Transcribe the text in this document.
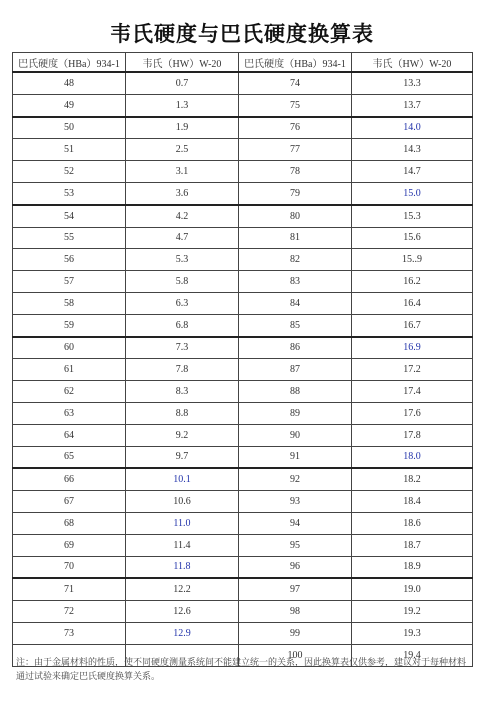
韦氏硬度与巴氏硬度换算表
巴氏硬度（HBa）934-1	韦氏（HW）W-20	巴氏硬度（HBa）934-1	韦氏（HW）W-20
48	0.7	74	13.3
49	1.3	75	13.7
50	1.9	76	14.0
51	2.5	77	14.3
52	3.1	78	14.7
53	3.6	79	15.0
54	4.2	80	15.3
55	4.7	81	15.6
56	5.3	82	15..9
57	5.8	83	16.2
58	6.3	84	16.4
59	6.8	85	16.7
60	7.3	86	16.9
61	7.8	87	17.2
62	8.3	88	17.4
63	8.8	89	17.6
64	9.2	90	17.8
65	9.7	91	18.0
66	10.1	92	18.2
67	10.6	93	18.4
68	11.0	94	18.6
69	11.4	95	18.7
70	11.8	96	18.9
71	12.2	97	19.0
72	12.6	98	19.2
73	12.9	99	19.3
		100	19.4
注：由于金属材料的性质，使不同硬度测量系统间不能建立统一的关系，因此换算表仅供参考，建议对于每种材料通过试验来确定巴氏硬度换算关系。
